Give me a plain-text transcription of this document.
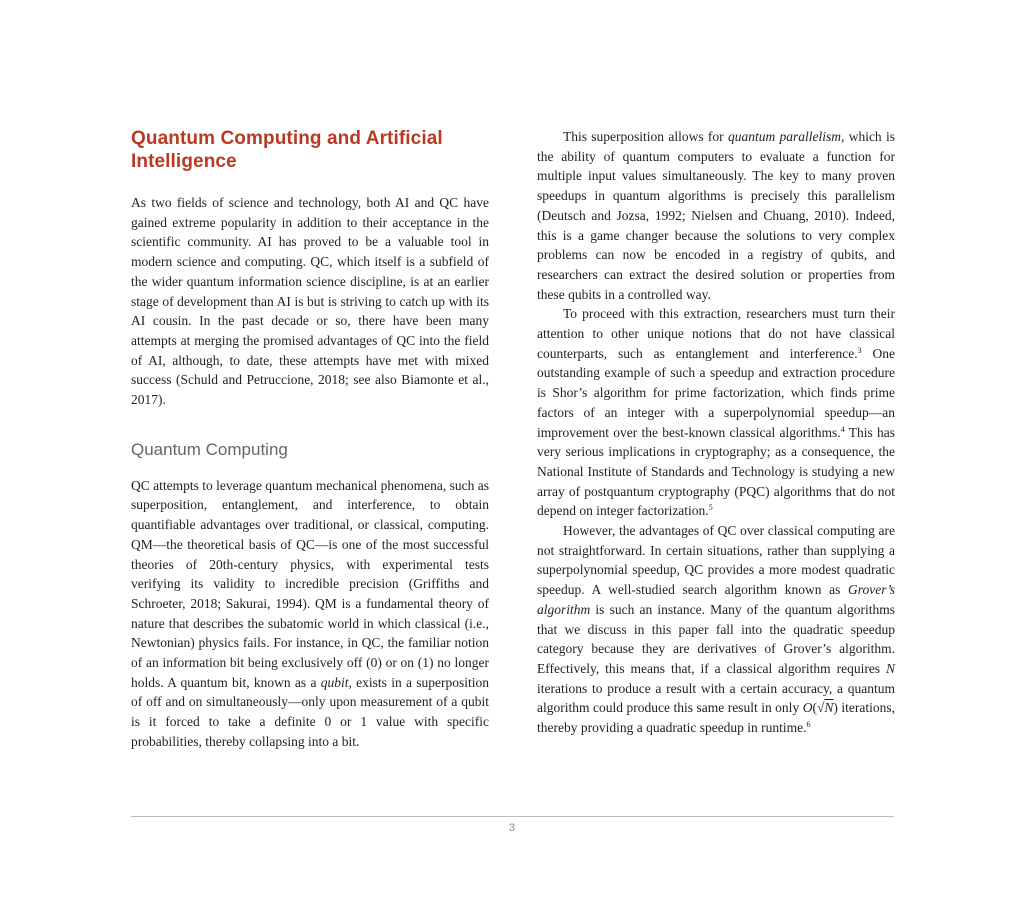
Quantum Computing and Artificial Intelligence

As two fields of science and technology, both AI and QC have gained extreme popularity in addition to their acceptance in the scientific community. AI has proved to be a valuable tool in modern science and computing. QC, which itself is a subfield of the wider quantum information science discipline, is at an earlier stage of development than AI is but is striving to catch up with its AI cousin. In the past decade or so, there have been many attempts at merging the promised advantages of QC into the field of AI, although, to date, these attempts have met with mixed success (Schuld and Petruccione, 2018; see also Biamonte et al., 2017).

Quantum Computing

QC attempts to leverage quantum mechanical phenomena, such as superposition, entanglement, and interference, to obtain quantifiable advantages over traditional, or classical, computing. QM—the theoretical basis of QC—is one of the most successful theories of 20th-century physics, with experimental tests verifying its validity to incredible precision (Griffiths and Schroeter, 2018; Sakurai, 1994). QM is a fundamental theory of nature that describes the subatomic world in which classical (i.e., Newtonian) physics fails. For instance, in QC, the familiar notion of an information bit being exclusively off (0) or on (1) no longer holds. A quantum bit, known as a qubit, exists in a superposition of off and on simultaneously—only upon measurement of a qubit is it forced to take a definite 0 or 1 value with specific probabilities, thereby collapsing into a bit.

This superposition allows for quantum parallelism, which is the ability of quantum computers to evaluate a function for multiple input values simultaneously. The key to many proven speedups in quantum algorithms is precisely this parallelism (Deutsch and Jozsa, 1992; Nielsen and Chuang, 2010). Indeed, this is a game changer because the solutions to very complex problems can now be encoded in a registry of qubits, and researchers can extract the desired solution or properties from these qubits in a controlled way.

To proceed with this extraction, researchers must turn their attention to other unique notions that do not have classical counterparts, such as entanglement and interference.$^3$ One outstanding example of such a speedup and extraction procedure is Shor’s algorithm for prime factorization, which finds prime factors of an integer with a superpolynomial speedup—an improvement over the best-known classical algorithms.$^4$ This has very serious implications in cryptography; as a consequence, the National Institute of Standards and Technology is studying a new array of postquantum cryptography (PQC) algorithms that do not depend on integer factorization.$^5$

However, the advantages of QC over classical computing are not straightforward. In certain situations, rather than supplying a superpolynomial speedup, QC provides a more modest quadratic speedup. A well-studied search algorithm known as Grover’s algorithm is such an instance. Many of the quantum algorithms that we discuss in this paper fall into the quadratic speedup category because they are derivatives of Grover’s algorithm. Effectively, this means that, if a classical algorithm requires N iterations to produce a result with a certain accuracy, a quantum algorithm could produce this same result in only O(√N) iterations, thereby providing a quadratic speedup in runtime.$^6$

3
